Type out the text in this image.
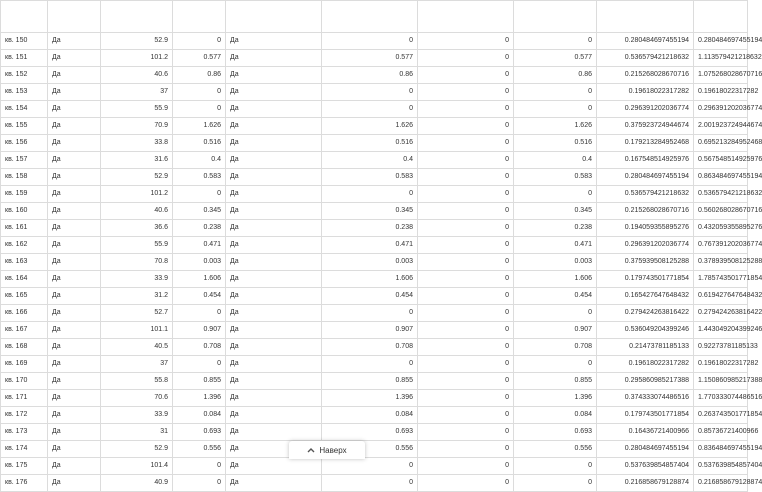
кв. 150	Да	52.9	0	Да	0	0	0	0.280484697455194	0.280484697455194
кв. 151	Да	101.2	0.577	Да	0.577	0	0.577	0.536579421218632	1.113579421218632
кв. 152	Да	40.6	0.86	Да	0.86	0	0.86	0.215268028670716	1.075268028670716
кв. 153	Да	37	0	Да	0	0	0	0.19618022317282	0.19618022317282
кв. 154	Да	55.9	0	Да	0	0	0	0.296391202036774	0.296391202036774
кв. 155	Да	70.9	1.626	Да	1.626	0	1.626	0.375923724944674	2.001923724944674
кв. 156	Да	33.8	0.516	Да	0.516	0	0.516	0.179213284952468	0.695213284952468
кв. 157	Да	31.6	0.4	Да	0.4	0	0.4	0.167548514925976	0.567548514925976
кв. 158	Да	52.9	0.583	Да	0.583	0	0.583	0.280484697455194	0.863484697455194
кв. 159	Да	101.2	0	Да	0	0	0	0.536579421218632	0.536579421218632
кв. 160	Да	40.6	0.345	Да	0.345	0	0.345	0.215268028670716	0.560268028670716
кв. 161	Да	36.6	0.238	Да	0.238	0	0.238	0.194059355895276	0.432059355895276
кв. 162	Да	55.9	0.471	Да	0.471	0	0.471	0.296391202036774	0.767391202036774
кв. 163	Да	70.8	0.003	Да	0.003	0	0.003	0.375939508125288	0.378939508125288
кв. 164	Да	33.9	1.606	Да	1.606	0	1.606	0.179743501771854	1.785743501771854
кв. 165	Да	31.2	0.454	Да	0.454	0	0.454	0.165427647648432	0.619427647648432
кв. 166	Да	52.7	0	Да	0	0	0	0.279424263816422	0.279424263816422
кв. 167	Да	101.1	0.907	Да	0.907	0	0.907	0.536049204399246	1.443049204399246
кв. 168	Да	40.5	0.708	Да	0.708	0	0.708	0.21473781185133	0.92273781185133
кв. 169	Да	37	0	Да	0	0	0	0.19618022317282	0.19618022317282
кв. 170	Да	55.8	0.855	Да	0.855	0	0.855	0.295860985217388	1.150860985217388
кв. 171	Да	70.6	1.396	Да	1.396	0	1.396	0.374333074486516	1.770333074486516
кв. 172	Да	33.9	0.084	Да	0.084	0	0.084	0.179743501771854	0.263743501771854
кв. 173	Да	31	0.693	Да	0.693	0	0.693	0.16436721400966	0.85736721400966
кв. 174	Да	52.9	0.556	Да	0.556	0	0.556	0.280484697455194	0.836484697455194
кв. 175	Да	101.4	0	Да	0	0	0	0.537639854857404	0.537639854857404
кв. 176	Да	40.9	0	Да	0	0	0	0.216858679128874	0.216858679128874
Наверх
